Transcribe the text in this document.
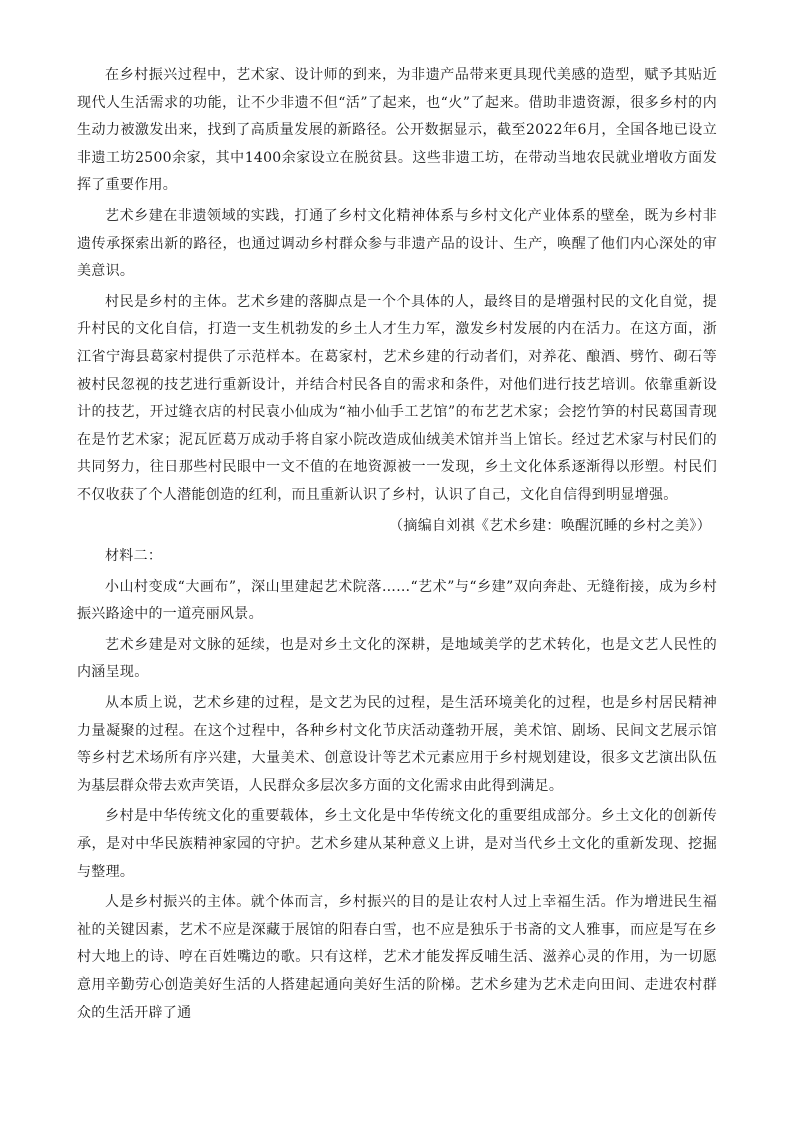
在乡村振兴过程中，艺术家、设计师的到来，为非遗产品带来更具现代美感的造型，赋予其贴近现代人生活需求的功能，让不少非遗不但“活”了起来，也“火”了起来。借助非遗资源，很多乡村的内生动力被激发出来，找到了高质量发展的新路径。公开数据显示，截至2022年6月，全国各地已设立非遗工坊2500余家，其中1400余家设立在脱贫县。这些非遗工坊，在带动当地农民就业增收方面发挥了重要作用。

艺术乡建在非遗领域的实践，打通了乡村文化精神体系与乡村文化产业体系的壁垒，既为乡村非遗传承探索出新的路径，也通过调动乡村群众参与非遗产品的设计、生产，唤醒了他们内心深处的审美意识。

村民是乡村的主体。艺术乡建的落脚点是一个个具体的人，最终目的是增强村民的文化自觉，提升村民的文化自信，打造一支生机勃发的乡土人才生力军，激发乡村发展的内在活力。在这方面，浙江省宁海县葛家村提供了示范样本。在葛家村，艺术乡建的行动者们，对养花、酿酒、劈竹、砌石等被村民忽视的技艺进行重新设计，并结合村民各自的需求和条件，对他们进行技艺培训。依靠重新设计的技艺，开过缝衣店的村民袁小仙成为“袖小仙手工艺馆”的布艺艺术家；会挖竹笋的村民葛国青现在是竹艺术家；泥瓦匠葛万成动手将自家小院改造成仙绒美术馆并当上馆长。经过艺术家与村民们的共同努力，往日那些村民眼中一文不值的在地资源被一一发现，乡土文化体系逐渐得以形塑。村民们不仅收获了个人潜能创造的红利，而且重新认识了乡村，认识了自己，文化自信得到明显增强。

（摘编自刘祺《艺术乡建：唤醒沉睡的乡村之美》）

材料二：

小山村变成“大画布”，深山里建起艺术院落……“艺术”与“乡建”双向奔赴、无缝衔接，成为乡村振兴路途中的一道亮丽风景。

艺术乡建是对文脉的延续，也是对乡土文化的深耕，是地域美学的艺术转化，也是文艺人民性的内涵呈现。

从本质上说，艺术乡建的过程，是文艺为民的过程，是生活环境美化的过程，也是乡村居民精神力量凝聚的过程。在这个过程中，各种乡村文化节庆活动蓬勃开展，美术馆、剧场、民间文艺展示馆等乡村艺术场所有序兴建，大量美术、创意设计等艺术元素应用于乡村规划建设，很多文艺演出队伍为基层群众带去欢声笑语，人民群众多层次多方面的文化需求由此得到满足。

乡村是中华传统文化的重要载体，乡土文化是中华传统文化的重要组成部分。乡土文化的创新传承，是对中华民族精神家园的守护。艺术乡建从某种意义上讲，是对当代乡土文化的重新发现、挖掘与整理。

人是乡村振兴的主体。就个体而言，乡村振兴的目的是让农村人过上幸福生活。作为增进民生福祉的关键因素，艺术不应是深藏于展馆的阳春白雪，也不应是独乐于书斋的文人雅事，而应是写在乡村大地上的诗、哼在百姓嘴边的歌。只有这样，艺术才能发挥反哺生活、滋养心灵的作用，为一切愿意用辛勤劳心创造美好生活的人搭建起通向美好生活的阶梯。艺术乡建为艺术走向田间、走进农村群众的生活开辟了通
